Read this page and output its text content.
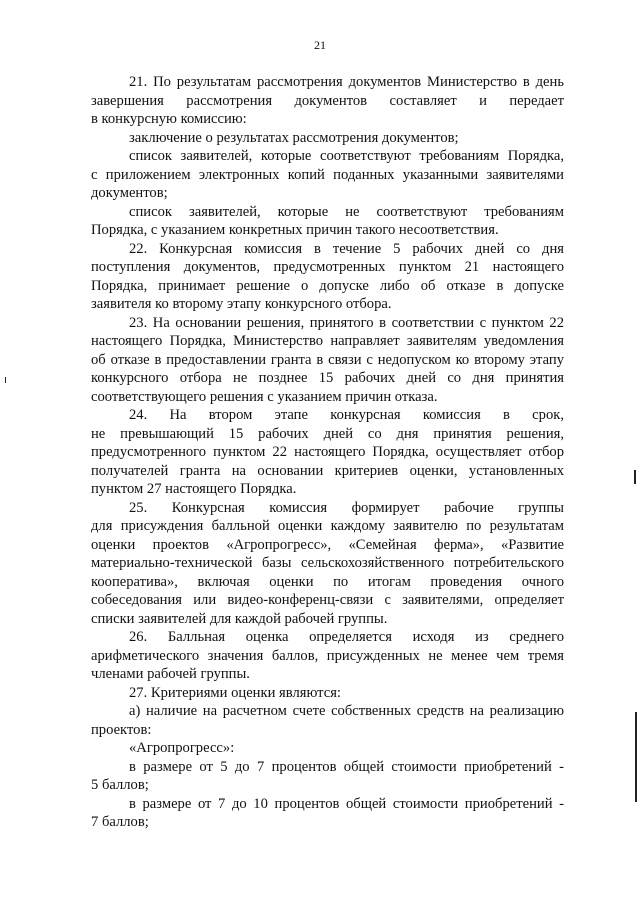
21

21. По результатам рассмотрения документов Министерство в день
завершения рассмотрения документов составляет и передает
в конкурсную комиссию:

заключение о результатах рассмотрения документов;

список заявителей, которые соответствуют требованиям Порядка,
с приложением электронных копий поданных указанными заявителями
документов;

список заявителей, которые не соответствуют требованиям
Порядка, с указанием конкретных причин такого несоответствия.

22. Конкурсная комиссия в течение 5 рабочих дней со дня
поступления документов, предусмотренных пунктом 21 настоящего
Порядка, принимает решение о допуске либо об отказе в допуске
заявителя ко второму этапу конкурсного отбора.

23. На основании решения, принятого в соответствии с пунктом 22
настоящего Порядка, Министерство направляет заявителям уведомления
об отказе в предоставлении гранта в связи с недопуском ко второму этапу
конкурсного отбора не позднее 15 рабочих дней со дня принятия
соответствующего решения с указанием причин отказа.

24. На втором этапе конкурсная комиссия в срок,
не превышающий 15 рабочих дней со дня принятия решения,
предусмотренного пунктом 22 настоящего Порядка, осуществляет отбор
получателей гранта на основании критериев оценки, установленных
пунктом 27 настоящего Порядка.

25. Конкурсная комиссия формирует рабочие группы
для присуждения балльной оценки каждому заявителю по результатам
оценки проектов «Агропрогресс», «Семейная ферма», «Развитие
материально-технической базы сельскохозяйственного потребительского
кооператива», включая оценки по итогам проведения очного
собеседования или видео-конференц-связи с заявителями, определяет
списки заявителей для каждой рабочей группы.

26. Балльная оценка определяется исходя из среднего
арифметического значения баллов, присужденных не менее чем тремя
членами рабочей группы.

27. Критериями оценки являются:

а) наличие на расчетном счете собственных средств на реализацию
проектов:

«Агропрогресс»:

в размере от 5 до 7 процентов общей стоимости приобретений -
5 баллов;

в размере от 7 до 10 процентов общей стоимости приобретений -
7 баллов;
